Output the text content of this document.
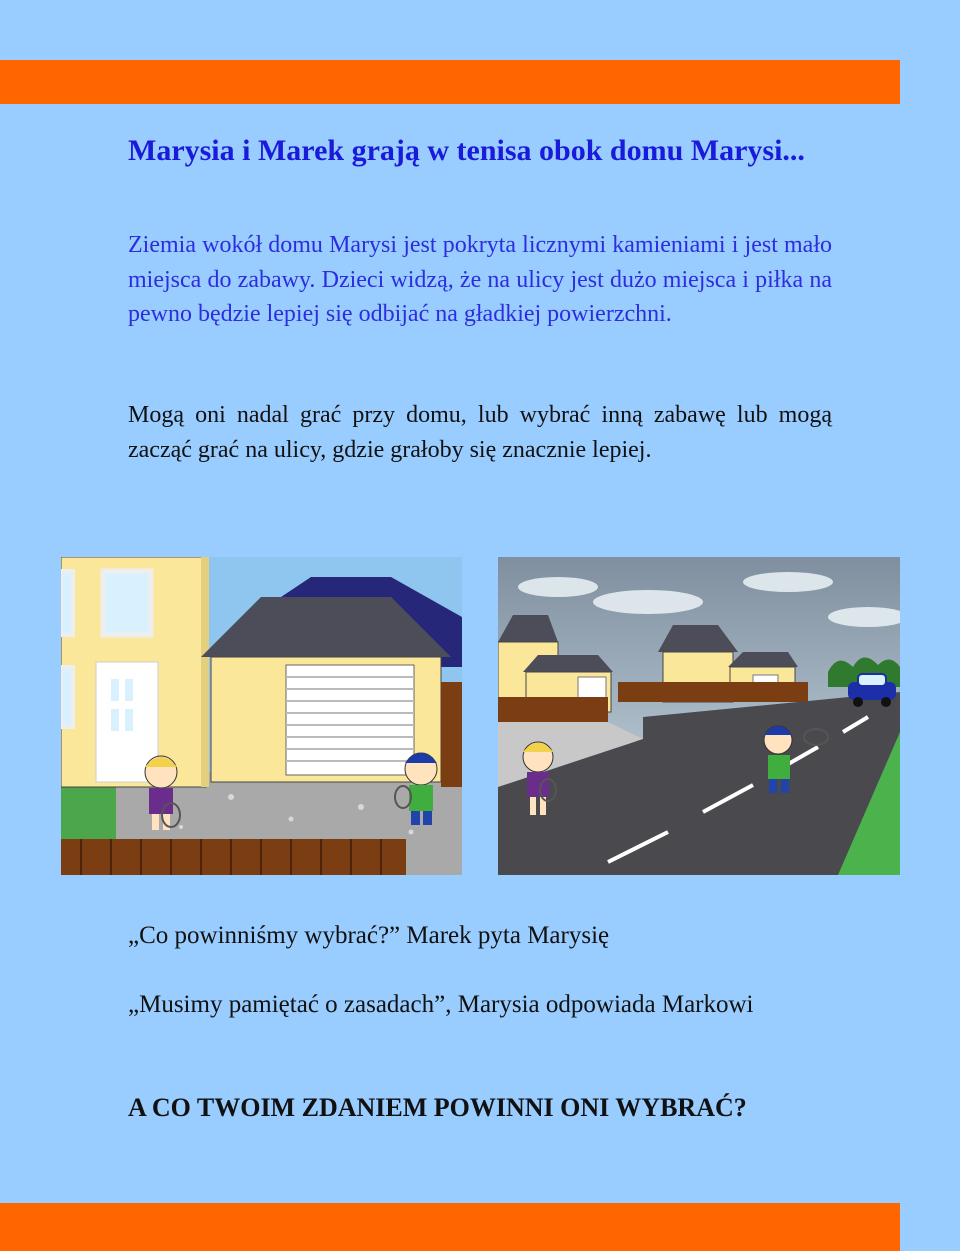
Marysia i Marek grają w tenisa obok domu Marysi...

Ziemia wokół domu Marysi jest pokryta licznymi kamieniami i jest mało miejsca do zabawy. Dzieci widzą, że na ulicy jest dużo miejsca i piłka na pewno będzie lepiej się odbijać na gładkiej powierzchni.

Mogą oni nadal grać przy domu, lub wybrać inną zabawę lub mogą zacząć grać na ulicy, gdzie grałoby się znacznie lepiej.

„Co powinniśmy wybrać?” Marek pyta Marysię

„Musimy pamiętać o zasadach”, Marysia odpowiada Markowi

A CO TWOIM ZDANIEM POWINNI ONI WYBRAĆ?
